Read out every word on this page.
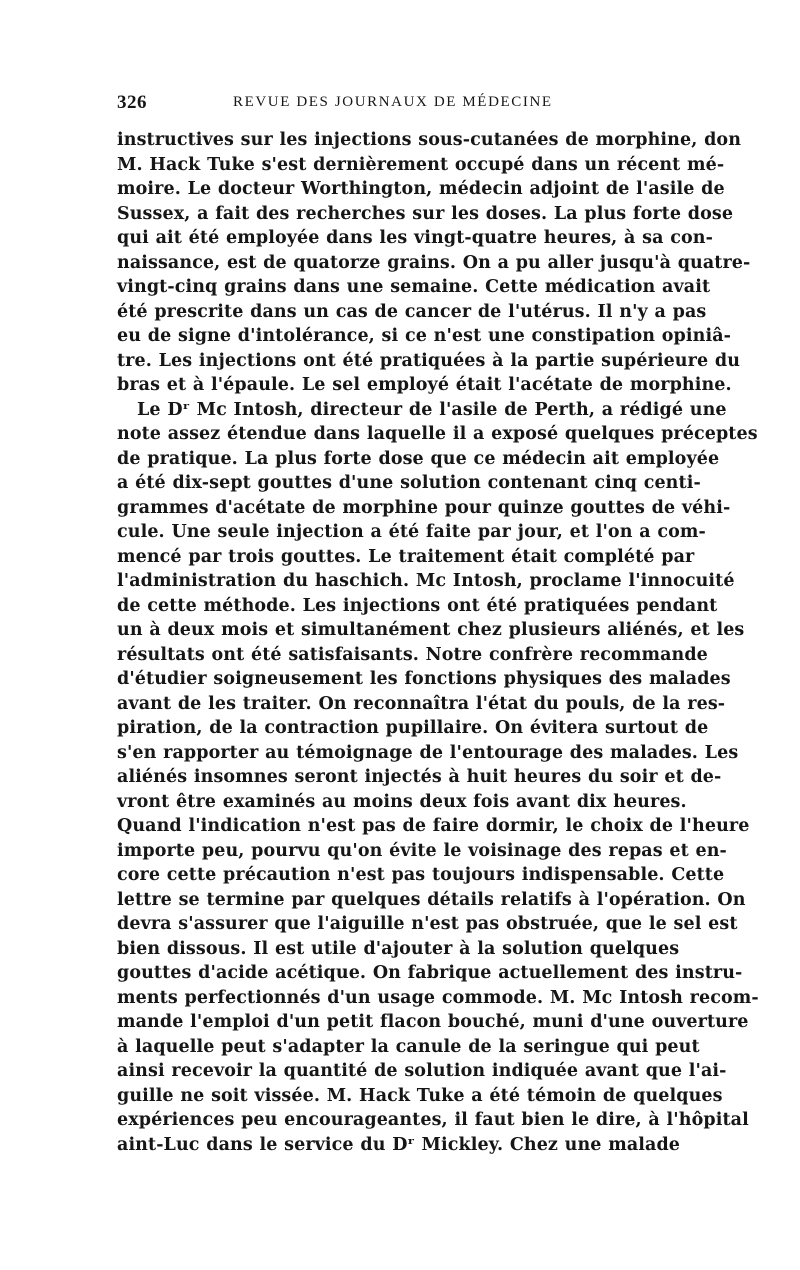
326	REVUE DES JOURNAUX DE MÉDECINE
instructives sur les injections sous-cutanées de morphine, don
M. Hack Tuke s'est dernièrement occupé dans un récent mé-
moire. Le docteur Worthington, médecin adjoint de l'asile de
Sussex, a fait des recherches sur les doses. La plus forte dose
qui ait été employée dans les vingt-quatre heures, à sa con-
naissance, est de quatorze grains. On a pu aller jusqu'à quatre-
vingt-cinq grains dans une semaine. Cette médication avait
été prescrite dans un cas de cancer de l'utérus. Il n'y a pas
eu de signe d'intolérance, si ce n'est une constipation opiniâ-
tre. Les injections ont été pratiquées à la partie supérieure du
bras et à l'épaule. Le sel employé était l'acétate de morphine.
Le Dʳ Mc Intosh, directeur de l'asile de Perth, a rédigé une
note assez étendue dans laquelle il a exposé quelques préceptes
de pratique. La plus forte dose que ce médecin ait employée
a été dix-sept gouttes d'une solution contenant cinq centi-
grammes d'acétate de morphine pour quinze gouttes de véhi-
cule. Une seule injection a été faite par jour, et l'on a com-
mencé par trois gouttes. Le traitement était complété par
l'administration du haschich. Mc Intosh, proclame l'innocuité
de cette méthode. Les injections ont été pratiquées pendant
un à deux mois et simultanément chez plusieurs aliénés, et les
résultats ont été satisfaisants. Notre confrère recommande
d'étudier soigneusement les fonctions physiques des malades
avant de les traiter. On reconnaîtra l'état du pouls, de la res-
piration, de la contraction pupillaire. On évitera surtout de
s'en rapporter au témoignage de l'entourage des malades. Les
aliénés insomnes seront injectés à huit heures du soir et de-
vront être examinés au moins deux fois avant dix heures.
Quand l'indication n'est pas de faire dormir, le choix de l'heure
importe peu, pourvu qu'on évite le voisinage des repas et en-
core cette précaution n'est pas toujours indispensable. Cette
lettre se termine par quelques détails relatifs à l'opération. On
devra s'assurer que l'aiguille n'est pas obstruée, que le sel est
bien dissous. Il est utile d'ajouter à la solution quelques
gouttes d'acide acétique. On fabrique actuellement des instru-
ments perfectionnés d'un usage commode. M. Mc Intosh recom-
mande l'emploi d'un petit flacon bouché, muni d'une ouverture
à laquelle peut s'adapter la canule de la seringue qui peut
ainsi recevoir la quantité de solution indiquée avant que l'ai-
guille ne soit vissée. M. Hack Tuke a été témoin de quelques
expériences peu encourageantes, il faut bien le dire, à l'hôpital
aint-Luc dans le service du Dʳ Mickley. Chez une malade
